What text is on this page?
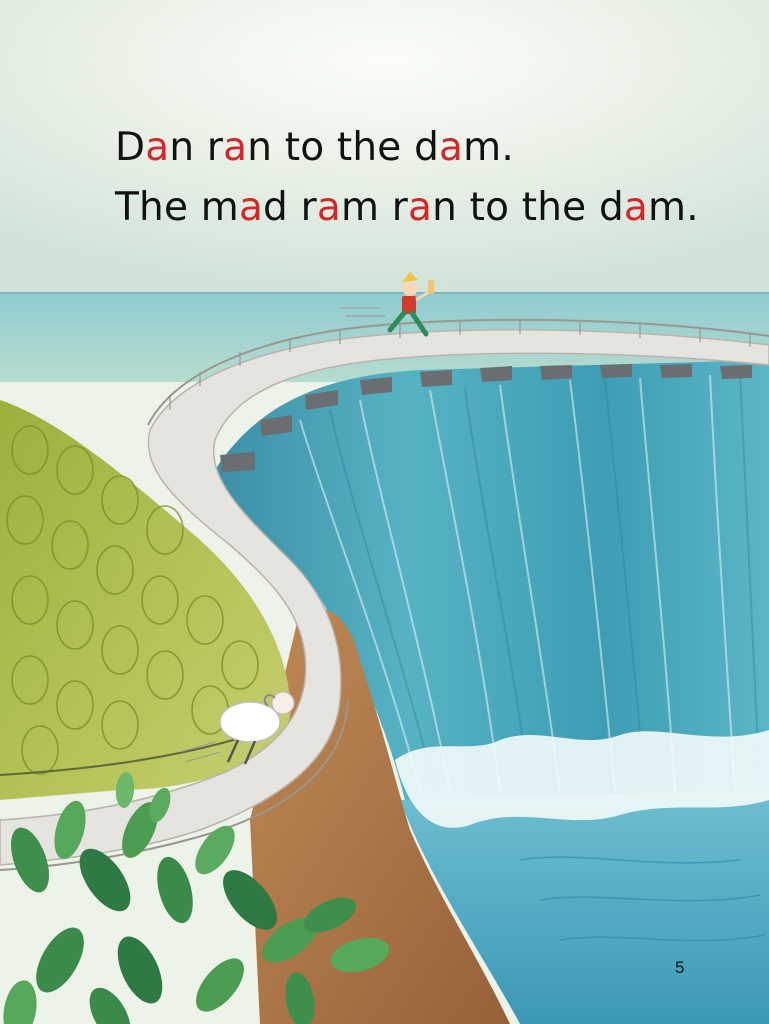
Dan ran to the dam.
The mad ram ran to the dam.
5
